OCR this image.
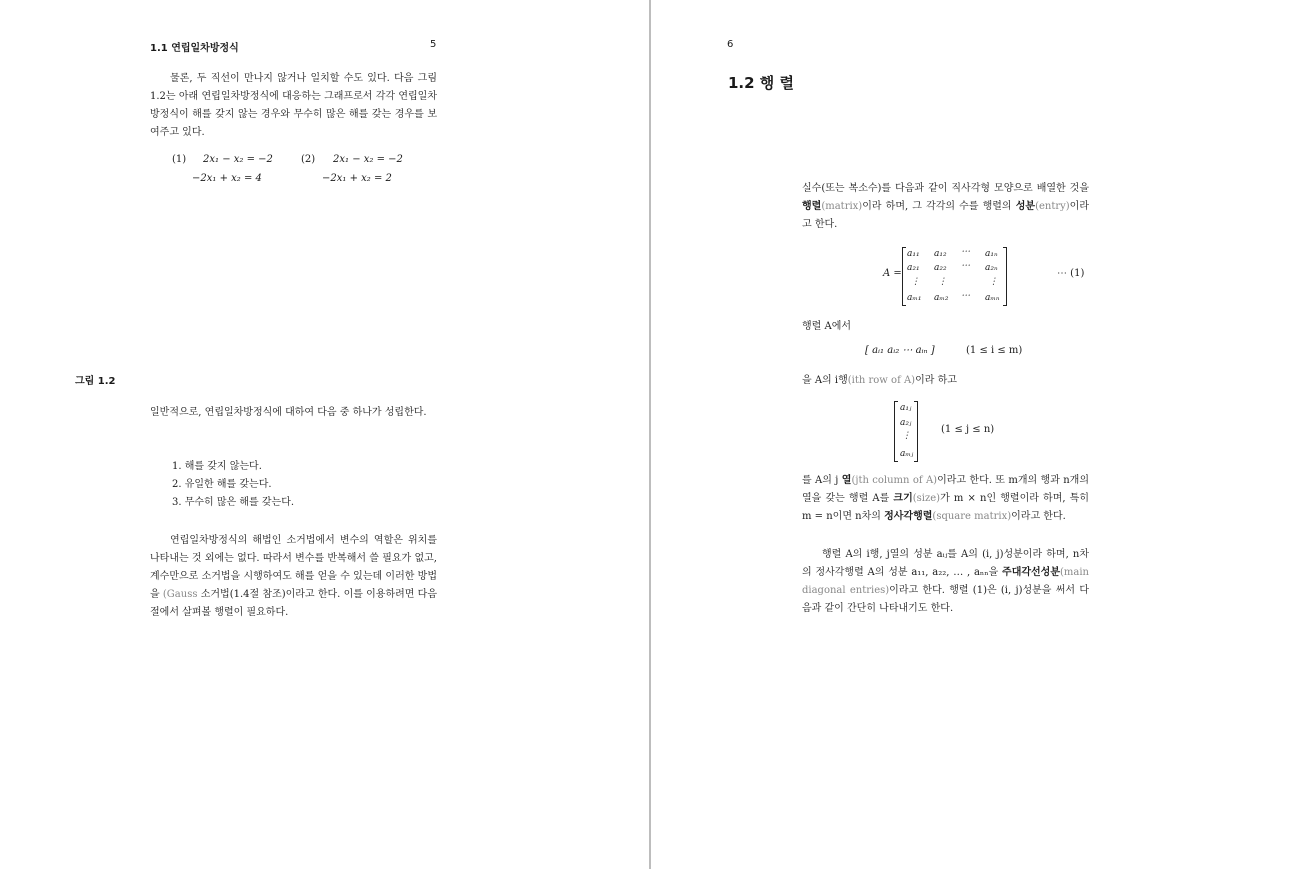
1.1 연립일차방정식	5
물론, 두 직선이 만나지 않거나 일치할 수도 있다. 다음 그림 1.2는 아래 연립일차방정식에 대응하는 그래프로서 각각 연립일차방정식이 해를 갖지 않는 경우와 무수히 많은 해를 갖는 경우를 보여주고 있다.
(1) 2x₁ − x₂ = −2
−2x₁ + x₂ = 4
(2) 2x₁ − x₂ = −2
−2x₁ + x₂ = 2
그림 1.2
일반적으로, 연립일차방정식에 대하여 다음 중 하나가 성립한다.
1. 해를 갖지 않는다.
2. 유일한 해를 갖는다.
3. 무수히 많은 해를 갖는다.
연립일차방정식의 해법인 소거법에서 변수의 역할은 위치를 나타내는 것 외에는 없다. 따라서 변수를 반복해서 쓸 필요가 없고, 계수만으로 소거법을 시행하여도 해를 얻을 수 있는데 이러한 방법을 (Gauss 소거법(1.4절 참조)이라고 한다. 이를 이용하려면 다음 절에서 살펴볼 행렬이 필요하다.
6
1.2 행 렬
실수(또는 복소수)를 다음과 같이 직사각형 모양으로 배열한 것을 행렬(matrix)이라 하며, 그 각각의 수를 행렬의 성분(entry)이라고 한다.
A =
a₁₁ a₁₂ ⋯ a₁ₙ
a₂₁ a₂₂ ⋯ a₂ₙ
⋮ ⋮	⋮
aₘ₁ aₘ₂ ⋯ aₘₙ
⋯ (1)
행렬 A에서
[ aᵢ₁ aᵢ₂ ⋯ aᵢₙ ]	(1 ≤ i ≤ m)
을 A의 i행(ith row of A)이라 하고
a₁ⱼ
a₂ⱼ
⋮
aₘⱼ
(1 ≤ j ≤ n)
를 A의 j 열(jth column of A)이라고 한다. 또 m개의 행과 n개의 열을 갖는 행렬 A를 크기(size)가 m × n인 행렬이라 하며, 특히 m = n이면 n차의 정사각행렬(square matrix)이라고 한다.
행렬 A의 i행, j열의 성분 aᵢⱼ를 A의 (i, j)성분이라 하며, n차의 정사각행렬 A의 성분 a₁₁, a₂₂, … , aₙₙ을 주대각선성분(main diagonal entries)이라고 한다. 행렬 (1)은 (i, j)성분을 써서 다음과 같이 간단히 나타내기도 한다.
